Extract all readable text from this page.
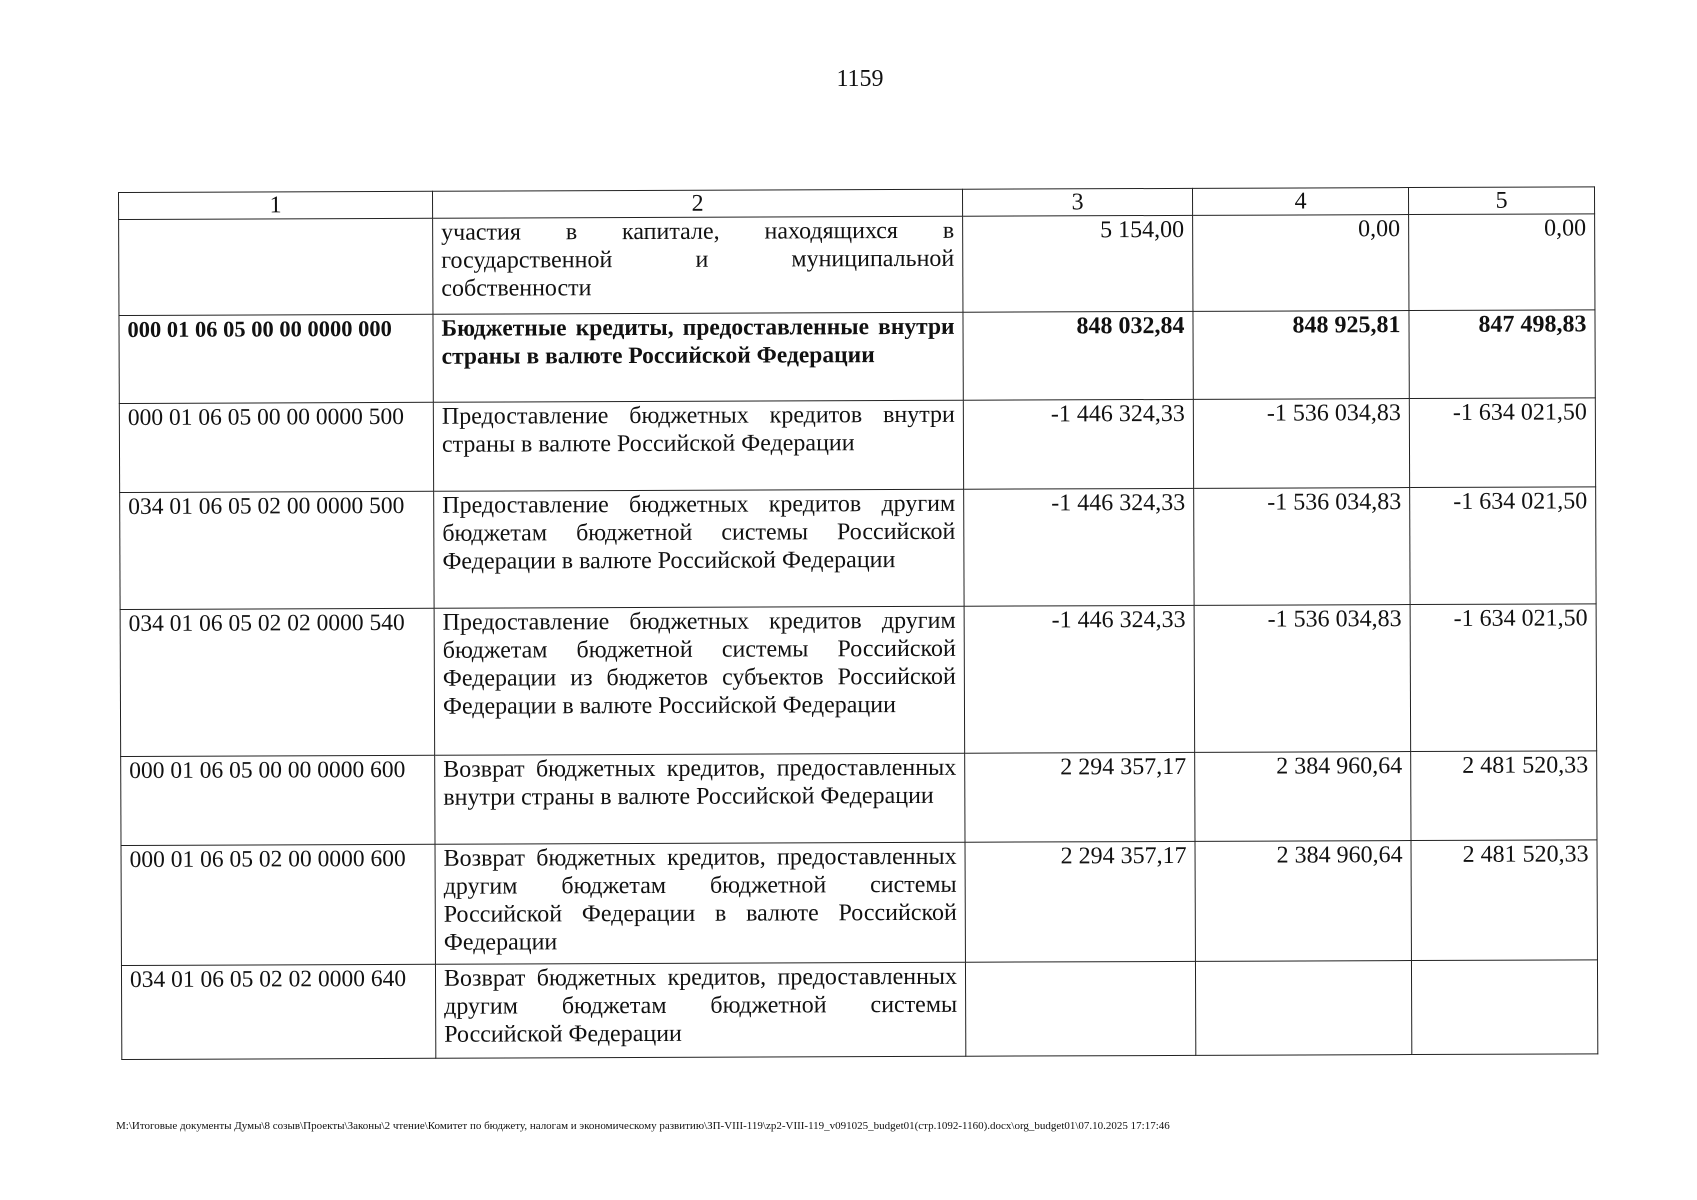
1159
1	2	3	4	5
	участия в капитале, находящихся в государственной и муниципальной собственности	5 154,00	0,00	0,00
000 01 06 05 00 00 0000 000	Бюджетные кредиты, предоставленные внутри страны в валюте Российской Федерации	848 032,84	848 925,81	847 498,83
000 01 06 05 00 00 0000 500	Предоставление бюджетных кредитов внутри страны в валюте Российской Федерации	-1 446 324,33	-1 536 034,83	-1 634 021,50
034 01 06 05 02 00 0000 500	Предоставление бюджетных кредитов другим бюджетам бюджетной системы Российской Федерации в валюте Российской Федерации	-1 446 324,33	-1 536 034,83	-1 634 021,50
034 01 06 05 02 02 0000 540	Предоставление бюджетных кредитов другим бюджетам бюджетной системы Российской Федерации из бюджетов субъектов Российской Федерации в валюте Российской Федерации	-1 446 324,33	-1 536 034,83	-1 634 021,50
000 01 06 05 00 00 0000 600	Возврат бюджетных кредитов, предоставленных внутри страны в валюте Российской Федерации	2 294 357,17	2 384 960,64	2 481 520,33
000 01 06 05 02 00 0000 600	Возврат бюджетных кредитов, предоставленных другим бюджетам бюджетной системы Российской Федерации в валюте Российской Федерации	2 294 357,17	2 384 960,64	2 481 520,33
034 01 06 05 02 02 0000 640	Возврат бюджетных кредитов, предоставленных другим бюджетам бюджетной системы Российской Федерации			
М:\Итоговые документы Думы\8 созыв\Проекты\Законы\2 чтение\Комитет по бюджету, налогам и экономическому развитию\ЗП-VIII-119\zp2-VIII-119_v091025_budget01(стр.1092-1160).docx\org_budget01\07.10.2025 17:17:46
